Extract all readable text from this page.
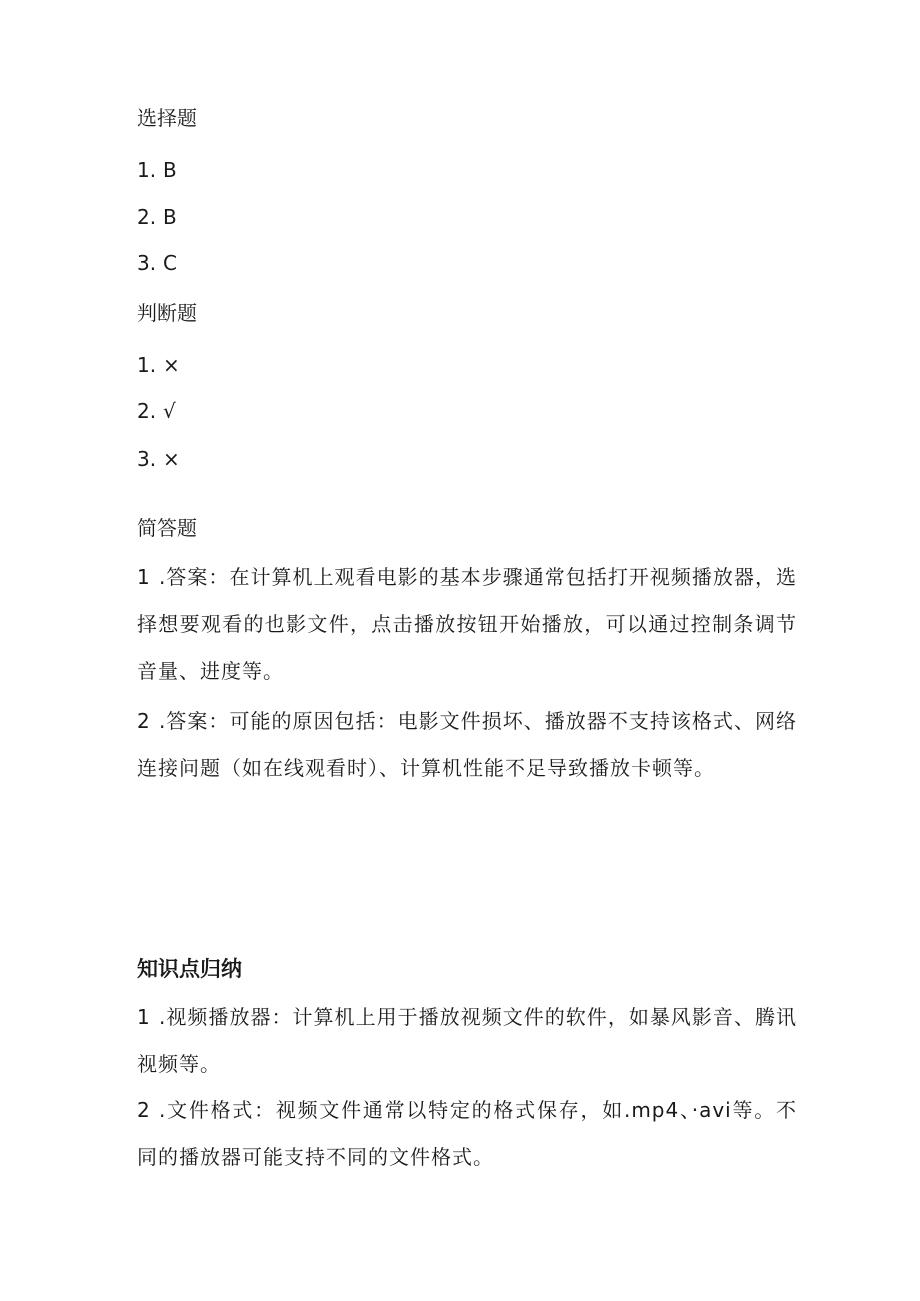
选择题
1. B
2. B
3. C
判断题
1. ×
2. √
3. ×
简答题
1 .答案：在计算机上观看电影的基本步骤通常包括打开视频播放器，选择想要观看的也影文件，点击播放按钮开始播放，可以通过控制条调节音量、进度等。
2 .答案：可能的原因包括：电影文件损坏、播放器不支持该格式、网络连接问题（如在线观看时）、计算机性能不足导致播放卡顿等。
知识点归纳
1 .视频播放器：计算机上用于播放视频文件的软件，如暴风影音、腾讯视频等。
2 .文件格式：视频文件通常以特定的格式保存，如.mp4、·avi等。不同的播放器可能支持不同的文件格式。
